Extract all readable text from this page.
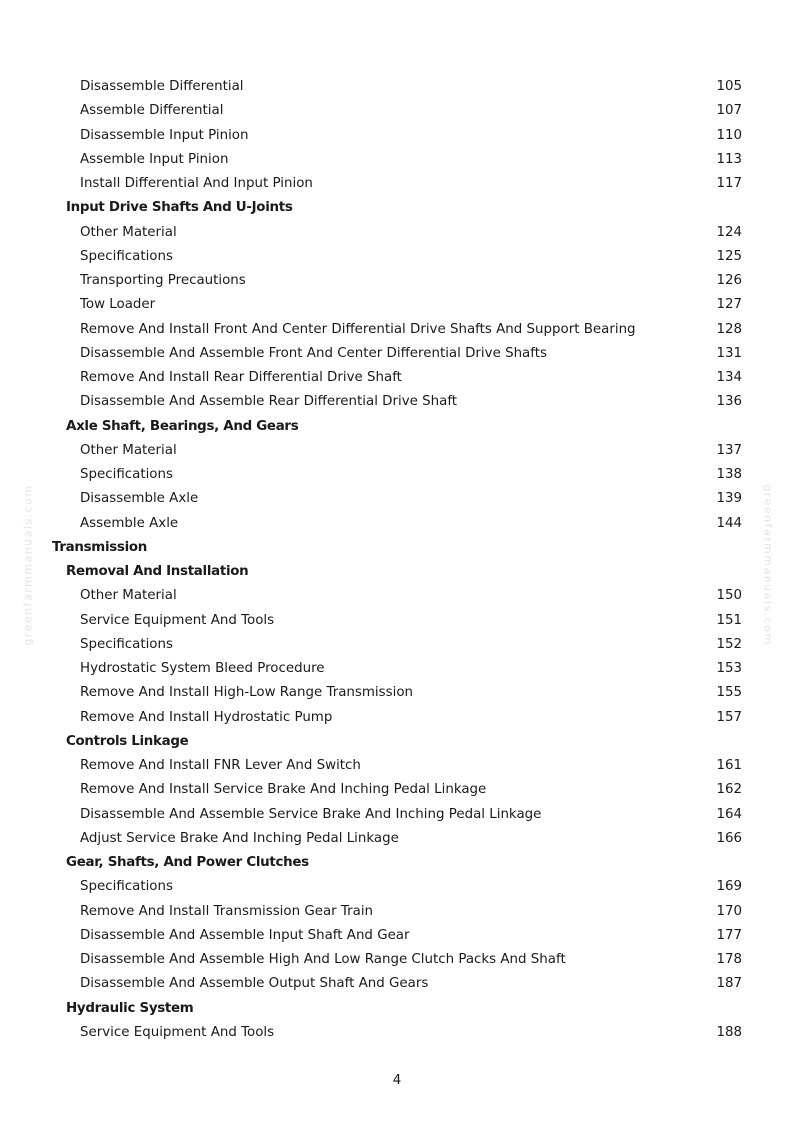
greenfarmmanuals.com	greenfarmmanuals.com
Disassemble Differential	105
Assemble Differential	107
Disassemble Input Pinion	110
Assemble Input Pinion	113
Install Differential And Input Pinion	117
Input Drive Shafts And U-Joints
Other Material	124
Specifications	125
Transporting Precautions	126
Tow Loader	127
Remove And Install Front And Center Differential Drive Shafts And Support Bearing	128
Disassemble And Assemble Front And Center Differential Drive Shafts	131
Remove And Install Rear Differential Drive Shaft	134
Disassemble And Assemble Rear Differential Drive Shaft	136
Axle Shaft, Bearings, And Gears
Other Material	137
Specifications	138
Disassemble Axle	139
Assemble Axle	144
Transmission
Removal And Installation
Other Material	150
Service Equipment And Tools	151
Specifications	152
Hydrostatic System Bleed Procedure	153
Remove And Install High-Low Range Transmission	155
Remove And Install Hydrostatic Pump	157
Controls Linkage
Remove And Install FNR Lever And Switch	161
Remove And Install Service Brake And Inching Pedal Linkage	162
Disassemble And Assemble Service Brake And Inching Pedal Linkage	164
Adjust Service Brake And Inching Pedal Linkage	166
Gear, Shafts, And Power Clutches
Specifications	169
Remove And Install Transmission Gear Train	170
Disassemble And Assemble Input Shaft And Gear	177
Disassemble And Assemble High And Low Range Clutch Packs And Shaft	178
Disassemble And Assemble Output Shaft And Gears	187
Hydraulic System
Service Equipment And Tools	188
4
